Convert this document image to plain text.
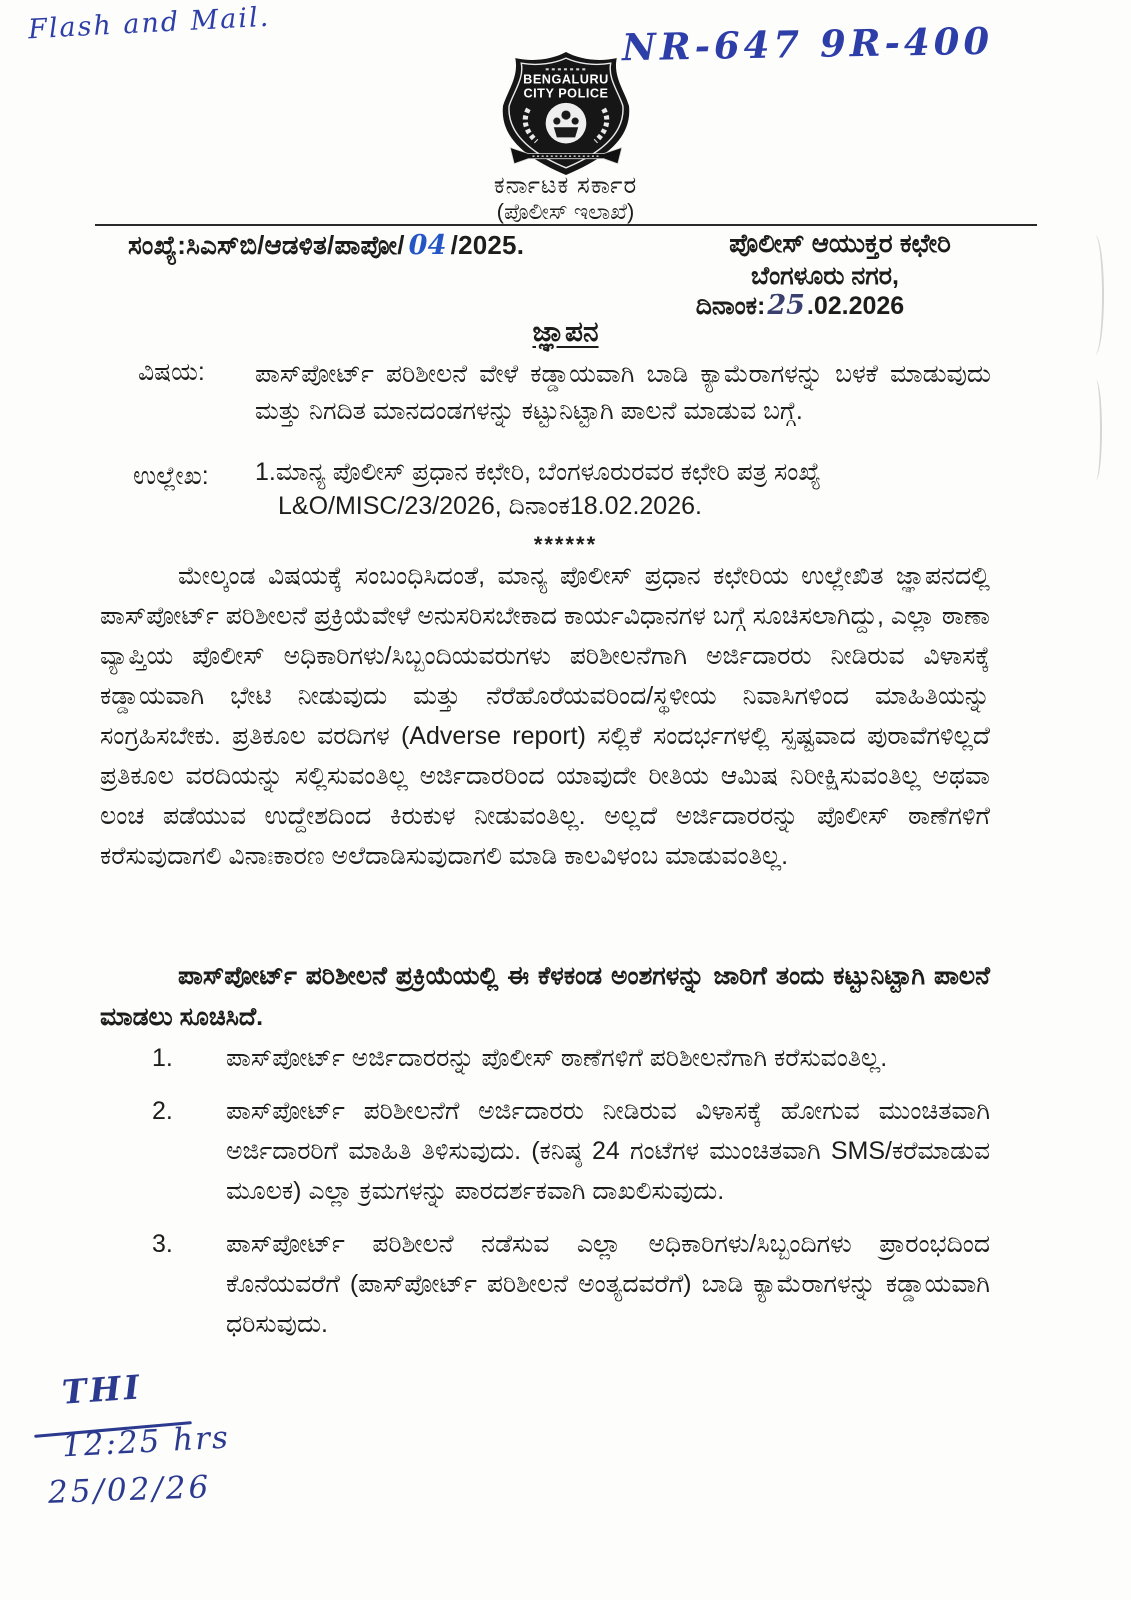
Flash and Mail.	NR-647 9R-400
BENGALURU
CITY POLICE
ಕರ್ನಾಟಕ ಸರ್ಕಾರ
(ಪೊಲೀಸ್ ಇಲಾಖೆ)
ಸಂಖ್ಯೆ:ಸಿಎಸ್‌ಬಿ/ಆಡಳಿತ/ಪಾಪೋ/ 04 /2025.	ಪೊಲೀಸ್ ಆಯುಕ್ತರ ಕಛೇರಿ
ಬೆಂಗಳೂರು ನಗರ,
ದಿನಾಂಕ:25.02.2026
ಜ್ಞಾಪನ
ವಿಷಯ: ಪಾಸ್‌ಪೋರ್ಟ್ ಪರಿಶೀಲನೆ ವೇಳೆ ಕಡ್ಡಾಯವಾಗಿ ಬಾಡಿ ಕ್ಯಾಮೆರಾಗಳನ್ನು ಬಳಕೆ ಮಾಡುವುದು ಮತ್ತು ನಿಗದಿತ ಮಾನದಂಡಗಳನ್ನು ಕಟ್ಟುನಿಟ್ಟಾಗಿ ಪಾಲನೆ ಮಾಡುವ ಬಗ್ಗೆ.
ಉಲ್ಲೇಖ: 1.ಮಾನ್ಯ ಪೊಲೀಸ್ ಪ್ರಧಾನ ಕಛೇರಿ, ಬೆಂಗಳೂರುರವರ ಕಛೇರಿ ಪತ್ರ ಸಂಖ್ಯೆ
L&O/MISC/23/2026, ದಿನಾಂಕ18.02.2026.
******
ಮೇಲ್ಕಂಡ ವಿಷಯಕ್ಕೆ ಸಂಬಂಧಿಸಿದಂತೆ, ಮಾನ್ಯ ಪೊಲೀಸ್ ಪ್ರಧಾನ ಕಛೇರಿಯ ಉಲ್ಲೇಖಿತ ಜ್ಞಾಪನದಲ್ಲಿ ಪಾಸ್‌ಪೋರ್ಟ್ ಪರಿಶೀಲನೆ ಪ್ರಕ್ರಿಯೆವೇಳೆ ಅನುಸರಿಸಬೇಕಾದ ಕಾರ್ಯವಿಧಾನಗಳ ಬಗ್ಗೆ ಸೂಚಿಸಲಾಗಿದ್ದು, ಎಲ್ಲಾ ಠಾಣಾ ವ್ಯಾಪ್ತಿಯ ಪೊಲೀಸ್ ಅಧಿಕಾರಿಗಳು/ಸಿಬ್ಬಂದಿಯವರುಗಳು ಪರಿಶೀಲನೆಗಾಗಿ ಅರ್ಜಿದಾರರು ನೀಡಿರುವ ವಿಳಾಸಕ್ಕೆ ಕಡ್ಡಾಯವಾಗಿ ಭೇಟಿ ನೀಡುವುದು ಮತ್ತು ನೆರೆಹೊರೆಯವರಿಂದ/ಸ್ಥಳೀಯ ನಿವಾಸಿಗಳಿಂದ ಮಾಹಿತಿಯನ್ನು ಸಂಗ್ರಹಿಸಬೇಕು. ಪ್ರತಿಕೂಲ ವರದಿಗಳ (Adverse report) ಸಲ್ಲಿಕೆ ಸಂದರ್ಭಗಳಲ್ಲಿ ಸ್ಪಷ್ಟವಾದ ಪುರಾವೆಗಳಿಲ್ಲದೆ ಪ್ರತಿಕೂಲ ವರದಿಯನ್ನು ಸಲ್ಲಿಸುವಂತಿಲ್ಲ ಅರ್ಜಿದಾರರಿಂದ ಯಾವುದೇ ರೀತಿಯ ಆಮಿಷ ನಿರೀಕ್ಷಿಸುವಂತಿಲ್ಲ ಅಥವಾ ಲಂಚ ಪಡೆಯುವ ಉದ್ದೇಶದಿಂದ ಕಿರುಕುಳ ನೀಡುವಂತಿಲ್ಲ. ಅಲ್ಲದೆ ಅರ್ಜಿದಾರರನ್ನು ಪೊಲೀಸ್ ಠಾಣೆಗಳಿಗೆ ಕರೆಸುವುದಾಗಲಿ ವಿನಾಃಕಾರಣ ಅಲೆದಾಡಿಸುವುದಾಗಲಿ ಮಾಡಿ ಕಾಲವಿಳಂಬ ಮಾಡುವಂತಿಲ್ಲ.
ಪಾಸ್‌ಪೋರ್ಟ್ ಪರಿಶೀಲನೆ ಪ್ರಕ್ರಿಯೆಯಲ್ಲಿ ಈ ಕೆಳಕಂಡ ಅಂಶಗಳನ್ನು ಜಾರಿಗೆ ತಂದು ಕಟ್ಟುನಿಟ್ಟಾಗಿ ಪಾಲನೆ ಮಾಡಲು ಸೂಚಿಸಿದೆ.
1.	ಪಾಸ್‌ಪೋರ್ಟ್ ಅರ್ಜಿದಾರರನ್ನು ಪೊಲೀಸ್ ಠಾಣೆಗಳಿಗೆ ಪರಿಶೀಲನೆಗಾಗಿ ಕರೆಸುವಂತಿಲ್ಲ.
2.	ಪಾಸ್‌ಪೋರ್ಟ್ ಪರಿಶೀಲನೆಗೆ ಅರ್ಜಿದಾರರು ನೀಡಿರುವ ವಿಳಾಸಕ್ಕೆ ಹೋಗುವ ಮುಂಚಿತವಾಗಿ ಅರ್ಜಿದಾರರಿಗೆ ಮಾಹಿತಿ ತಿಳಿಸುವುದು. (ಕನಿಷ್ಠ 24 ಗಂಟೆಗಳ ಮುಂಚಿತವಾಗಿ SMS/ಕರೆಮಾಡುವ ಮೂಲಕ) ಎಲ್ಲಾ ಕ್ರಮಗಳನ್ನು ಪಾರದರ್ಶಕವಾಗಿ ದಾಖಲಿಸುವುದು.
3.	ಪಾಸ್‌ಪೋರ್ಟ್ ಪರಿಶೀಲನೆ ನಡೆಸುವ ಎಲ್ಲಾ ಅಧಿಕಾರಿಗಳು/ಸಿಬ್ಬಂದಿಗಳು ಪ್ರಾರಂಭದಿಂದ ಕೊನೆಯವರೆಗೆ (ಪಾಸ್‌ಪೋರ್ಟ್ ಪರಿಶೀಲನೆ ಅಂತ್ಯದವರೆಗೆ) ಬಾಡಿ ಕ್ಯಾಮೆರಾಗಳನ್ನು ಕಡ್ಡಾಯವಾಗಿ ಧರಿಸುವುದು.
THI
12:25 hrs
25/02/26
